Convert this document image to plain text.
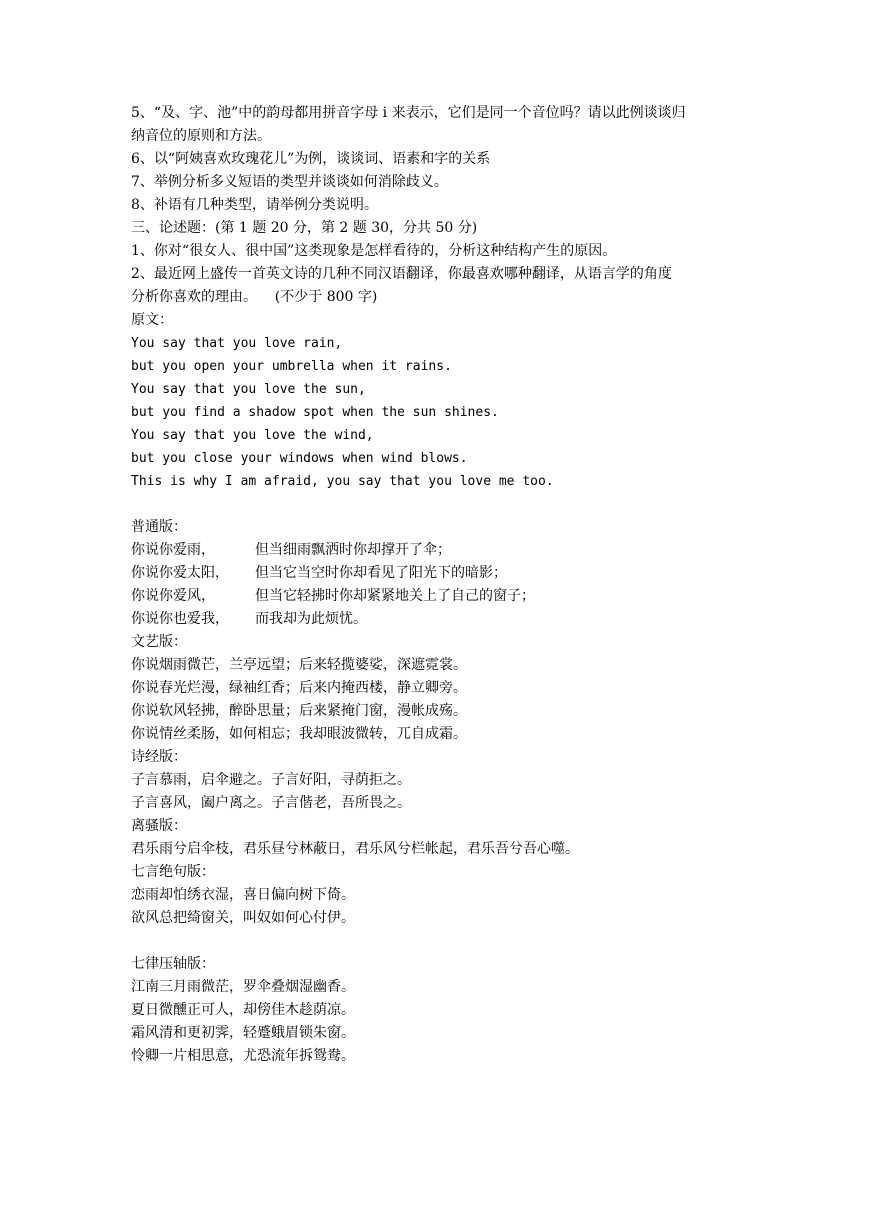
5、“及、字、池”中的韵母都用拼音字母 i 来表示，它们是同一个音位吗？请以此例谈谈归
纳音位的原则和方法。
6、以“阿姨喜欢玫瑰花儿”为例，谈谈词、语素和字的关系
7、举例分析多义短语的类型并谈谈如何消除歧义。
8、补语有几种类型，请举例分类说明。
三、论述题：(第 1 题 20 分，第 2 题 30，分共 50 分)
1、你对“很女人、很中国”这类现象是怎样看待的，分析这种结构产生的原因。
2、最近网上盛传一首英文诗的几种不同汉语翻译，你最喜欢哪种翻译，从语言学的角度
分析你喜欢的理由。    (不少于 800 字)
原文：
You say that you love rain,
but you open your umbrella when it rains.
You say that you love the sun,
but you find a shadow spot when the sun shines.
You say that you love the wind,
but you close your windows when wind blows.
This is why I am afraid, you say that you love me too.
普通版：
你说你爱雨，	但当细雨飘洒时你却撑开了伞；
你说你爱太阳， 但当它当空时你却看见了阳光下的暗影；
你说你爱风，	但当它轻拂时你却紧紧地关上了自己的窗子；
你说你也爱我， 而我却为此烦忧。
文艺版：
你说烟雨微芒，兰亭远望；后来轻揽婆娑，深遮霓裳。
你说春光烂漫，绿袖红香；后来内掩西楼，静立卿旁。
你说软风轻拂，醉卧思量；后来紧掩门窗，漫帐成殇。
你说情丝柔肠，如何相忘；我却眼波微转，兀自成霜。
诗经版：
子言慕雨，启伞避之。子言好阳，寻荫拒之。
子言喜风，阖户离之。子言偕老，吾所畏之。
离骚版：
君乐雨兮启伞枝，君乐昼兮林蔽日，君乐风兮栏帐起，君乐吾兮吾心噬。
七言绝句版：
恋雨却怕绣衣湿，喜日偏向树下倚。
欲风总把绮窗关，叫奴如何心付伊。
七律压轴版：
江南三月雨微茫，罗伞叠烟湿幽香。
夏日微醺正可人，却傍佳木趁荫凉。
霜风清和更初霁，轻蹙蛾眉锁朱窗。
怜卿一片相思意，尤恐流年拆鸳鸯。
